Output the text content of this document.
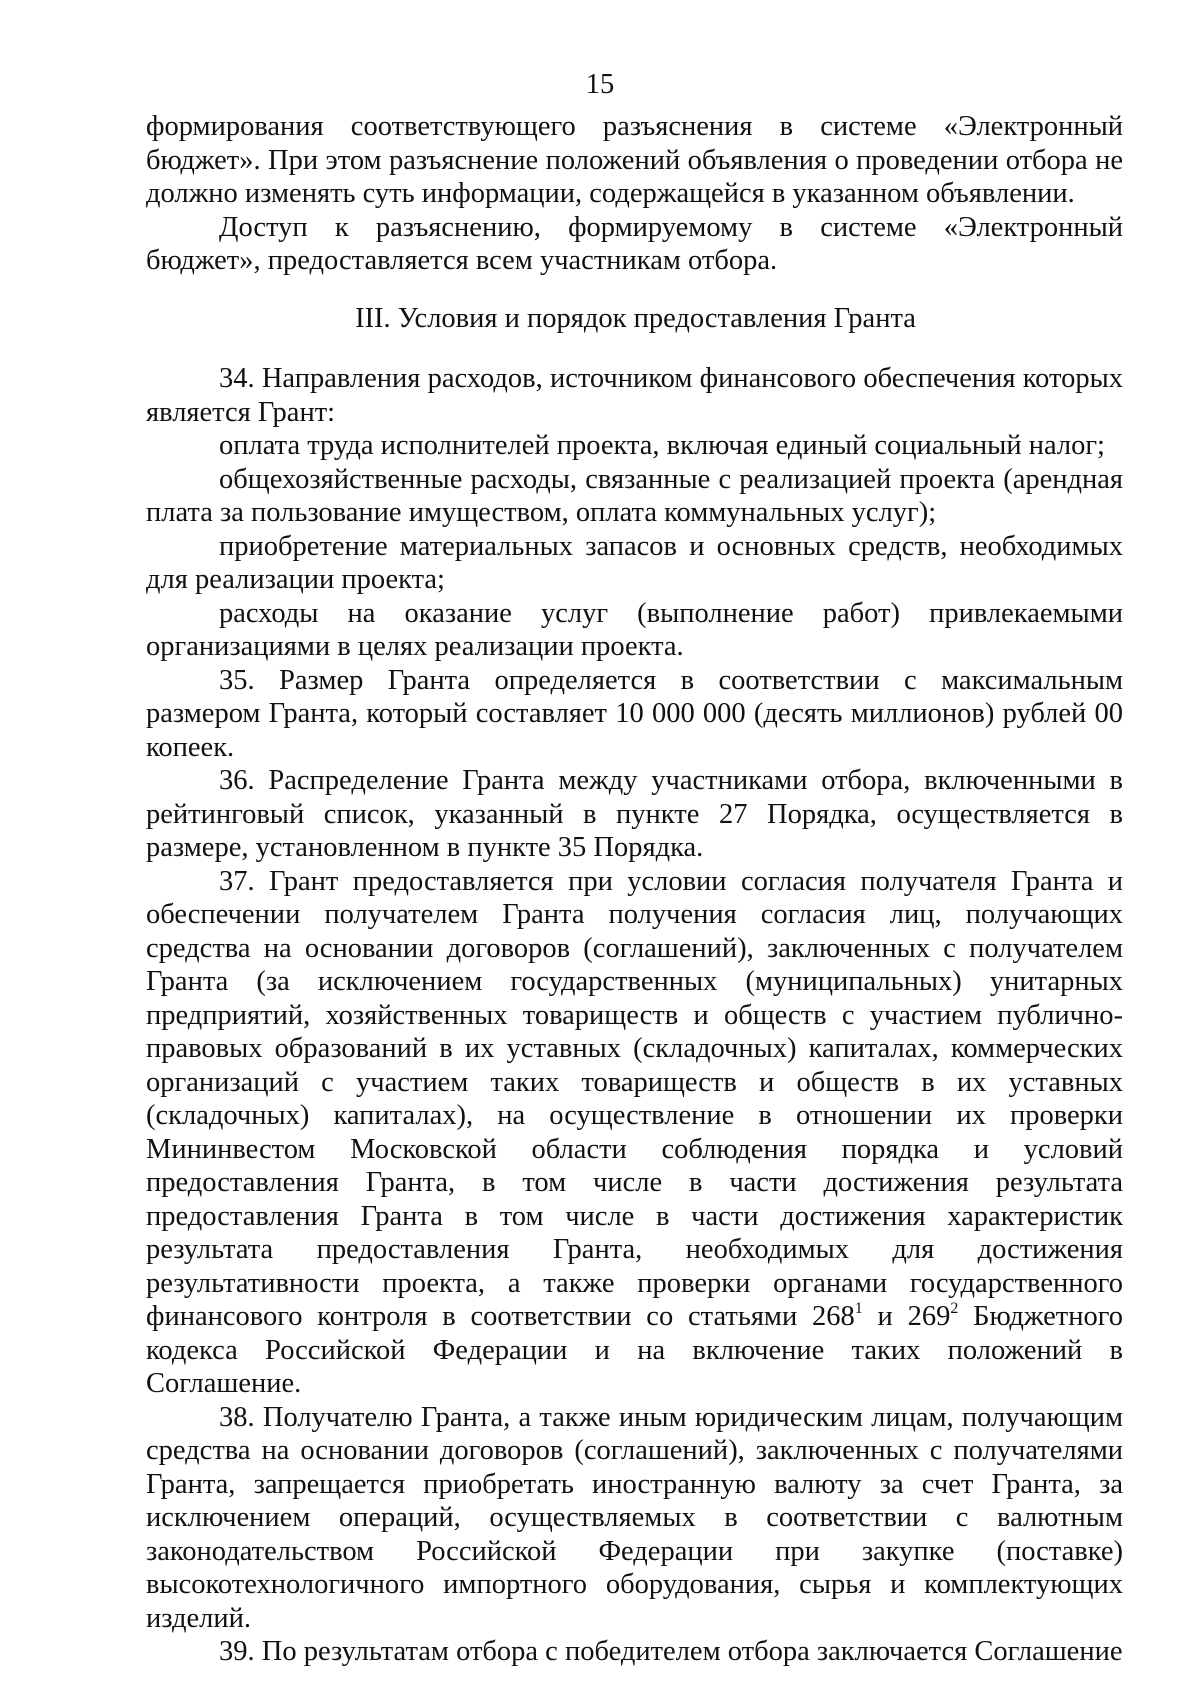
15

формирования соответствующего разъяснения в системе «Электронный бюджет». При этом разъяснение положений объявления о проведении отбора не должно изменять суть информации, содержащейся в указанном объявлении.

Доступ к разъяснению, формируемому в системе «Электронный бюджет», предоставляется всем участникам отбора.

III. Условия и порядок предоставления Гранта

34. Направления расходов, источником финансового обеспечения которых является Грант:

оплата труда исполнителей проекта, включая единый социальный налог;

общехозяйственные расходы, связанные с реализацией проекта (арендная плата за пользование имуществом, оплата коммунальных услуг);

приобретение материальных запасов и основных средств, необходимых для реализации проекта;

расходы на оказание услуг (выполнение работ) привлекаемыми организациями в целях реализации проекта.

35. Размер Гранта определяется в соответствии с максимальным размером Гранта, который составляет 10 000 000 (десять миллионов) рублей 00 копеек.

36. Распределение Гранта между участниками отбора, включенными в рейтинговый список, указанный в пункте 27 Порядка, осуществляется в размере, установленном в пункте 35 Порядка.

37. Грант предоставляется при условии согласия получателя Гранта и обеспечении получателем Гранта получения согласия лиц, получающих средства на основании договоров (соглашений), заключенных с получателем Гранта (за исключением государственных (муниципальных) унитарных предприятий, хозяйственных товариществ и обществ с участием публично-правовых образований в их уставных (складочных) капиталах, коммерческих организаций с участием таких товариществ и обществ в их уставных (складочных) капиталах), на осуществление в отношении их проверки Мининвестом Московской области соблюдения порядка и условий предоставления Гранта, в том числе в части достижения результата предоставления Гранта в том числе в части достижения характеристик результата предоставления Гранта, необходимых для достижения результативности проекта, а также проверки органами государственного финансового контроля в соответствии со статьями $268^1$ и $269^2$ Бюджетного кодекса Российской Федерации и на включение таких положений в Соглашение.

38. Получателю Гранта, а также иным юридическим лицам, получающим средства на основании договоров (соглашений), заключенных с получателями Гранта, запрещается приобретать иностранную валюту за счет Гранта, за исключением операций, осуществляемых в соответствии с валютным законодательством Российской Федерации при закупке (поставке) высокотехнологичного импортного оборудования, сырья и комплектующих изделий.

39. По результатам отбора с победителем отбора заключается Соглашение
